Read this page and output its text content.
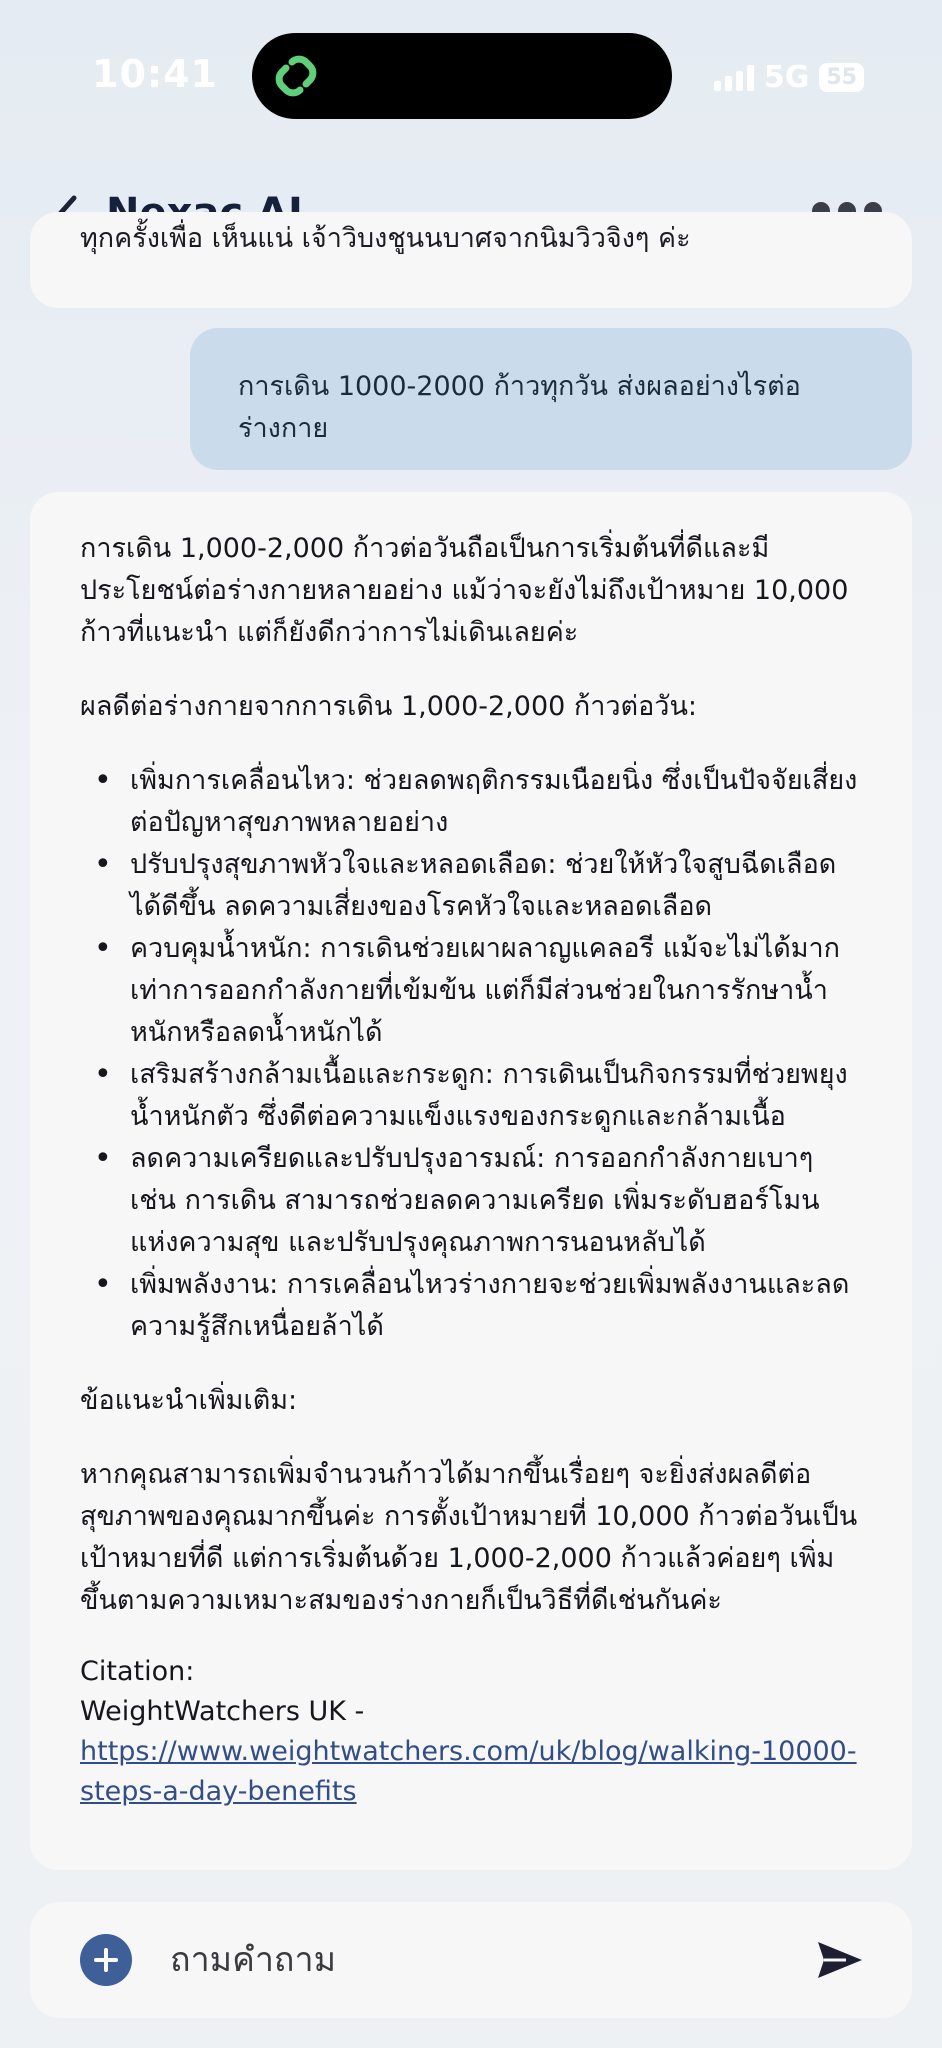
10:41	5G 55

ทุกครั้งเพื่อ เห็นแน่ เจ้าวิบงชูนนบาศจากนิมวิวจิงๆ ค่ะ

การเดิน 1000-2000 ก้าวทุกวัน ส่งผลอย่างไรต่อ
ร่างกาย

การเดิน 1,000-2,000 ก้าวต่อวันถือเป็นการเริ่มต้นที่ดีและมีประโยชน์ต่อร่างกายหลายอย่าง แม้ว่าจะยังไม่ถึงเป้าหมาย 10,000 ก้าวที่แนะนำ แต่ก็ยังดีกว่าการไม่เดินเลยค่ะ

ผลดีต่อร่างกายจากการเดิน 1,000-2,000 ก้าวต่อวัน:

• เพิ่มการเคลื่อนไหว: ช่วยลดพฤติกรรมเนือยนิ่ง ซึ่งเป็นปัจจัยเสี่ยงต่อปัญหาสุขภาพหลายอย่าง
• ปรับปรุงสุขภาพหัวใจและหลอดเลือด: ช่วยให้หัวใจสูบฉีดเลือดได้ดีขึ้น ลดความเสี่ยงของโรคหัวใจและหลอดเลือด
• ควบคุมน้ำหนัก: การเดินช่วยเผาผลาญแคลอรี แม้จะไม่ได้มากเท่าการออกกำลังกายที่เข้มข้น แต่ก็มีส่วนช่วยในการรักษาน้ำหนักหรือลดน้ำหนักได้
• เสริมสร้างกล้ามเนื้อและกระดูก: การเดินเป็นกิจกรรมที่ช่วยพยุงน้ำหนักตัว ซึ่งดีต่อความแข็งแรงของกระดูกและกล้ามเนื้อ
• ลดความเครียดและปรับปรุงอารมณ์: การออกกำลังกายเบาๆ เช่น การเดิน สามารถช่วยลดความเครียด เพิ่มระดับฮอร์โมนแห่งความสุข และปรับปรุงคุณภาพการนอนหลับได้
• เพิ่มพลังงาน: การเคลื่อนไหวร่างกายจะช่วยเพิ่มพลังงานและลดความรู้สึกเหนื่อยล้าได้

ข้อแนะนำเพิ่มเติม:

หากคุณสามารถเพิ่มจำนวนก้าวได้มากขึ้นเรื่อยๆ จะยิ่งส่งผลดีต่อสุขภาพของคุณมากขึ้นค่ะ การตั้งเป้าหมายที่ 10,000 ก้าวต่อวันเป็นเป้าหมายที่ดี แต่การเริ่มต้นด้วย 1,000-2,000 ก้าวแล้วค่อยๆ เพิ่มขึ้นตามความเหมาะสมของร่างกายก็เป็นวิธีที่ดีเช่นกันค่ะ

Citation:
WeightWatchers UK -
https://www.weightwatchers.com/uk/blog/walking-10000-steps-a-day-benefits
ถามคำถาม
